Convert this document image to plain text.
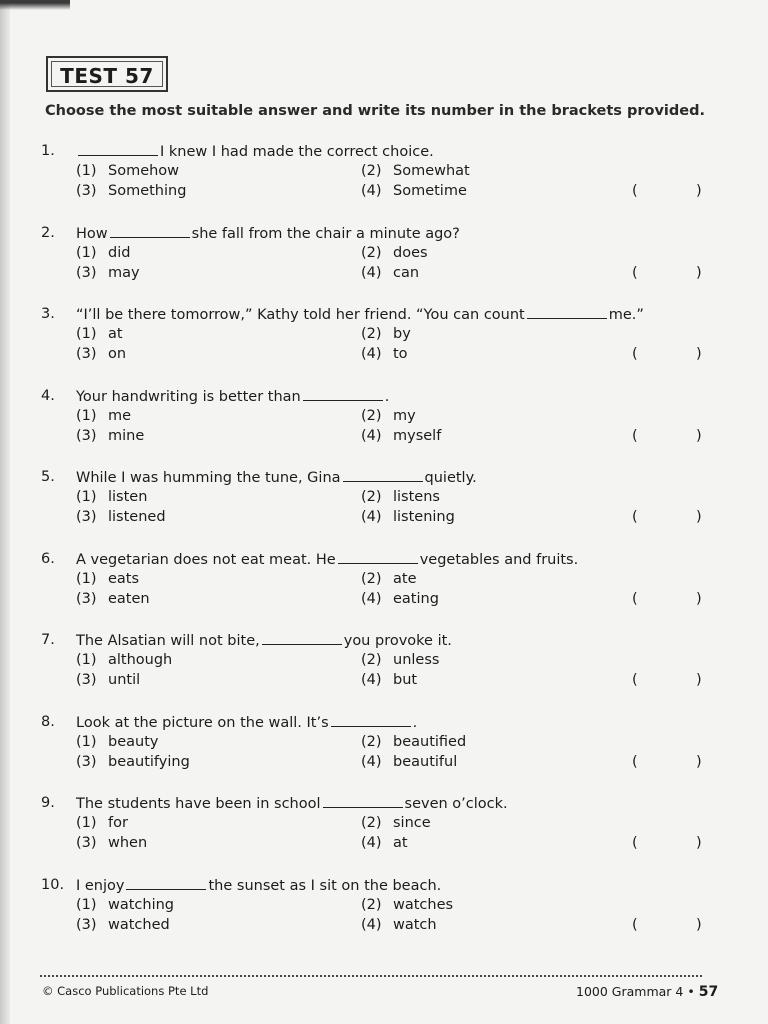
TEST 57
Choose the most suitable answer and write its number in the brackets provided.
1.	I knew I had made the correct choice.
(1) Somehow	(2) Somewhat
(3) Something	(4) Sometime	(	)
2. How	she fall from the chair a minute ago?
(1) did	(2) does
(3) may	(4) can	(	)
3. “I’ll be there tomorrow,” Kathy told her friend. “You can count	me.”
(1) at	(2) by
(3) on	(4) to	(	)
4. Your handwriting is better than	.
(1) me	(2) my
(3) mine	(4) myself	(	)
5. While I was humming the tune, Gina	quietly.
(1) listen	(2) listens
(3) listened	(4) listening	(	)
6. A vegetarian does not eat meat. He	vegetables and fruits.
(1) eats	(2) ate
(3) eaten	(4) eating	(	)
7. The Alsatian will not bite,	you provoke it.
(1) although	(2) unless
(3) until	(4) but	(	)
8. Look at the picture on the wall. It’s	.
(1) beauty	(2) beautified
(3) beautifying	(4) beautiful	(	)
9. The students have been in school	seven o’clock.
(1) for	(2) since
(3) when	(4) at	(	)
10. I enjoy	the sunset as I sit on the beach.
(1) watching	(2) watches
(3) watched	(4) watch	(	)
© Casco Publications Pte Ltd	1000 Grammar 4 • 57
